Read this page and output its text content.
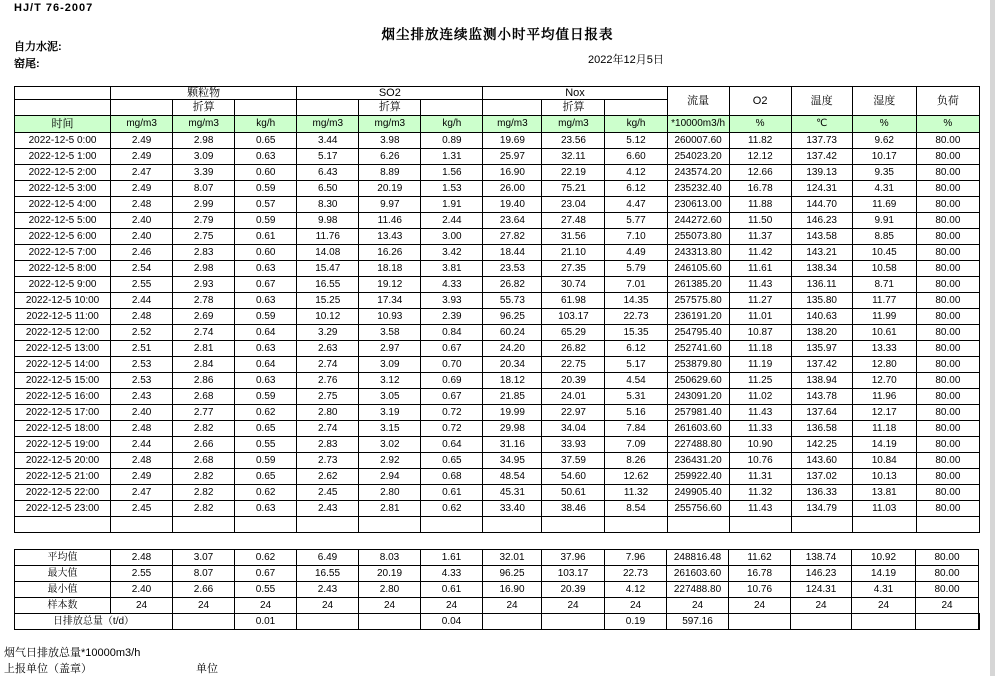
HJ/T 76-2007
烟尘排放连续监测小时平均值日报表
自力水泥:
窑尾:	2022年12月5日
	颗粒物			SO2			Nox			流量	O2	温度	湿度	负荷
		折算			折算			折算						
时间	mg/m3	mg/m3	kg/h	mg/m3	mg/m3	kg/h	mg/m3	mg/m3	kg/h	*10000m3/h	%	℃	%	%
2022-12-5 0:00	2.49	2.98	0.65	3.44	3.98	0.89	19.69	23.56	5.12	260007.60	11.82	137.73	9.62	80.00
2022-12-5 1:00	2.49	3.09	0.63	5.17	6.26	1.31	25.97	32.11	6.60	254023.20	12.12	137.42	10.17	80.00
2022-12-5 2:00	2.47	3.39	0.60	6.43	8.89	1.56	16.90	22.19	4.12	243574.20	12.66	139.13	9.35	80.00
2022-12-5 3:00	2.49	8.07	0.59	6.50	20.19	1.53	26.00	75.21	6.12	235232.40	16.78	124.31	4.31	80.00
2022-12-5 4:00	2.48	2.99	0.57	8.30	9.97	1.91	19.40	23.04	4.47	230613.00	11.88	144.70	11.69	80.00
2022-12-5 5:00	2.40	2.79	0.59	9.98	11.46	2.44	23.64	27.48	5.77	244272.60	11.50	146.23	9.91	80.00
2022-12-5 6:00	2.40	2.75	0.61	11.76	13.43	3.00	27.82	31.56	7.10	255073.80	11.37	143.58	8.85	80.00
2022-12-5 7:00	2.46	2.83	0.60	14.08	16.26	3.42	18.44	21.10	4.49	243313.80	11.42	143.21	10.45	80.00
2022-12-5 8:00	2.54	2.98	0.63	15.47	18.18	3.81	23.53	27.35	5.79	246105.60	11.61	138.34	10.58	80.00
2022-12-5 9:00	2.55	2.93	0.67	16.55	19.12	4.33	26.82	30.74	7.01	261385.20	11.43	136.11	8.71	80.00
2022-12-5 10:00	2.44	2.78	0.63	15.25	17.34	3.93	55.73	61.98	14.35	257575.80	11.27	135.80	11.77	80.00
2022-12-5 11:00	2.48	2.69	0.59	10.12	10.93	2.39	96.25	103.17	22.73	236191.20	11.01	140.63	11.99	80.00
2022-12-5 12:00	2.52	2.74	0.64	3.29	3.58	0.84	60.24	65.29	15.35	254795.40	10.87	138.20	10.61	80.00
2022-12-5 13:00	2.51	2.81	0.63	2.63	2.97	0.67	24.20	26.82	6.12	252741.60	11.18	135.97	13.33	80.00
2022-12-5 14:00	2.53	2.84	0.64	2.74	3.09	0.70	20.34	22.75	5.17	253879.80	11.19	137.42	12.80	80.00
2022-12-5 15:00	2.53	2.86	0.63	2.76	3.12	0.69	18.12	20.39	4.54	250629.60	11.25	138.94	12.70	80.00
2022-12-5 16:00	2.43	2.68	0.59	2.75	3.05	0.67	21.85	24.01	5.31	243091.20	11.02	143.78	11.96	80.00
2022-12-5 17:00	2.40	2.77	0.62	2.80	3.19	0.72	19.99	22.97	5.16	257981.40	11.43	137.64	12.17	80.00
2022-12-5 18:00	2.48	2.82	0.65	2.74	3.15	0.72	29.98	34.04	7.84	261603.60	11.33	136.58	11.18	80.00
2022-12-5 19:00	2.44	2.66	0.55	2.83	3.02	0.64	31.16	33.93	7.09	227488.80	10.90	142.25	14.19	80.00
2022-12-5 20:00	2.48	2.68	0.59	2.73	2.92	0.65	34.95	37.59	8.26	236431.20	10.76	143.60	10.84	80.00
2022-12-5 21:00	2.49	2.82	0.65	2.62	2.94	0.68	48.54	54.60	12.62	259922.40	11.31	137.02	10.13	80.00
2022-12-5 22:00	2.47	2.82	0.62	2.45	2.80	0.61	45.31	50.61	11.32	249905.40	11.32	136.33	13.81	80.00
2022-12-5 23:00	2.45	2.82	0.63	2.43	2.81	0.62	33.40	38.46	8.54	255756.60	11.43	134.79	11.03	80.00

平均值	2.48	3.07	0.62	6.49	8.03	1.61	32.01	37.96	7.96	248816.48	11.62	138.74	10.92	80.00	
最大值	2.55	8.07	0.67	16.55	20.19	4.33	96.25	103.17	22.73	261603.60	16.78	146.23	14.19	80.00	
最小值	2.40	2.66	0.55	2.43	2.80	0.61	16.90	20.39	4.12	227488.80	10.76	124.31	4.31	80.00	
样本数	24	24	24	24	24	24	24	24	24	24	24	24	24	24	
日排放总量（t/d）			0.01			0.04			0.19	597.16					
烟气日排放总量*10000m3/h
上报单位（盖章）	单位
